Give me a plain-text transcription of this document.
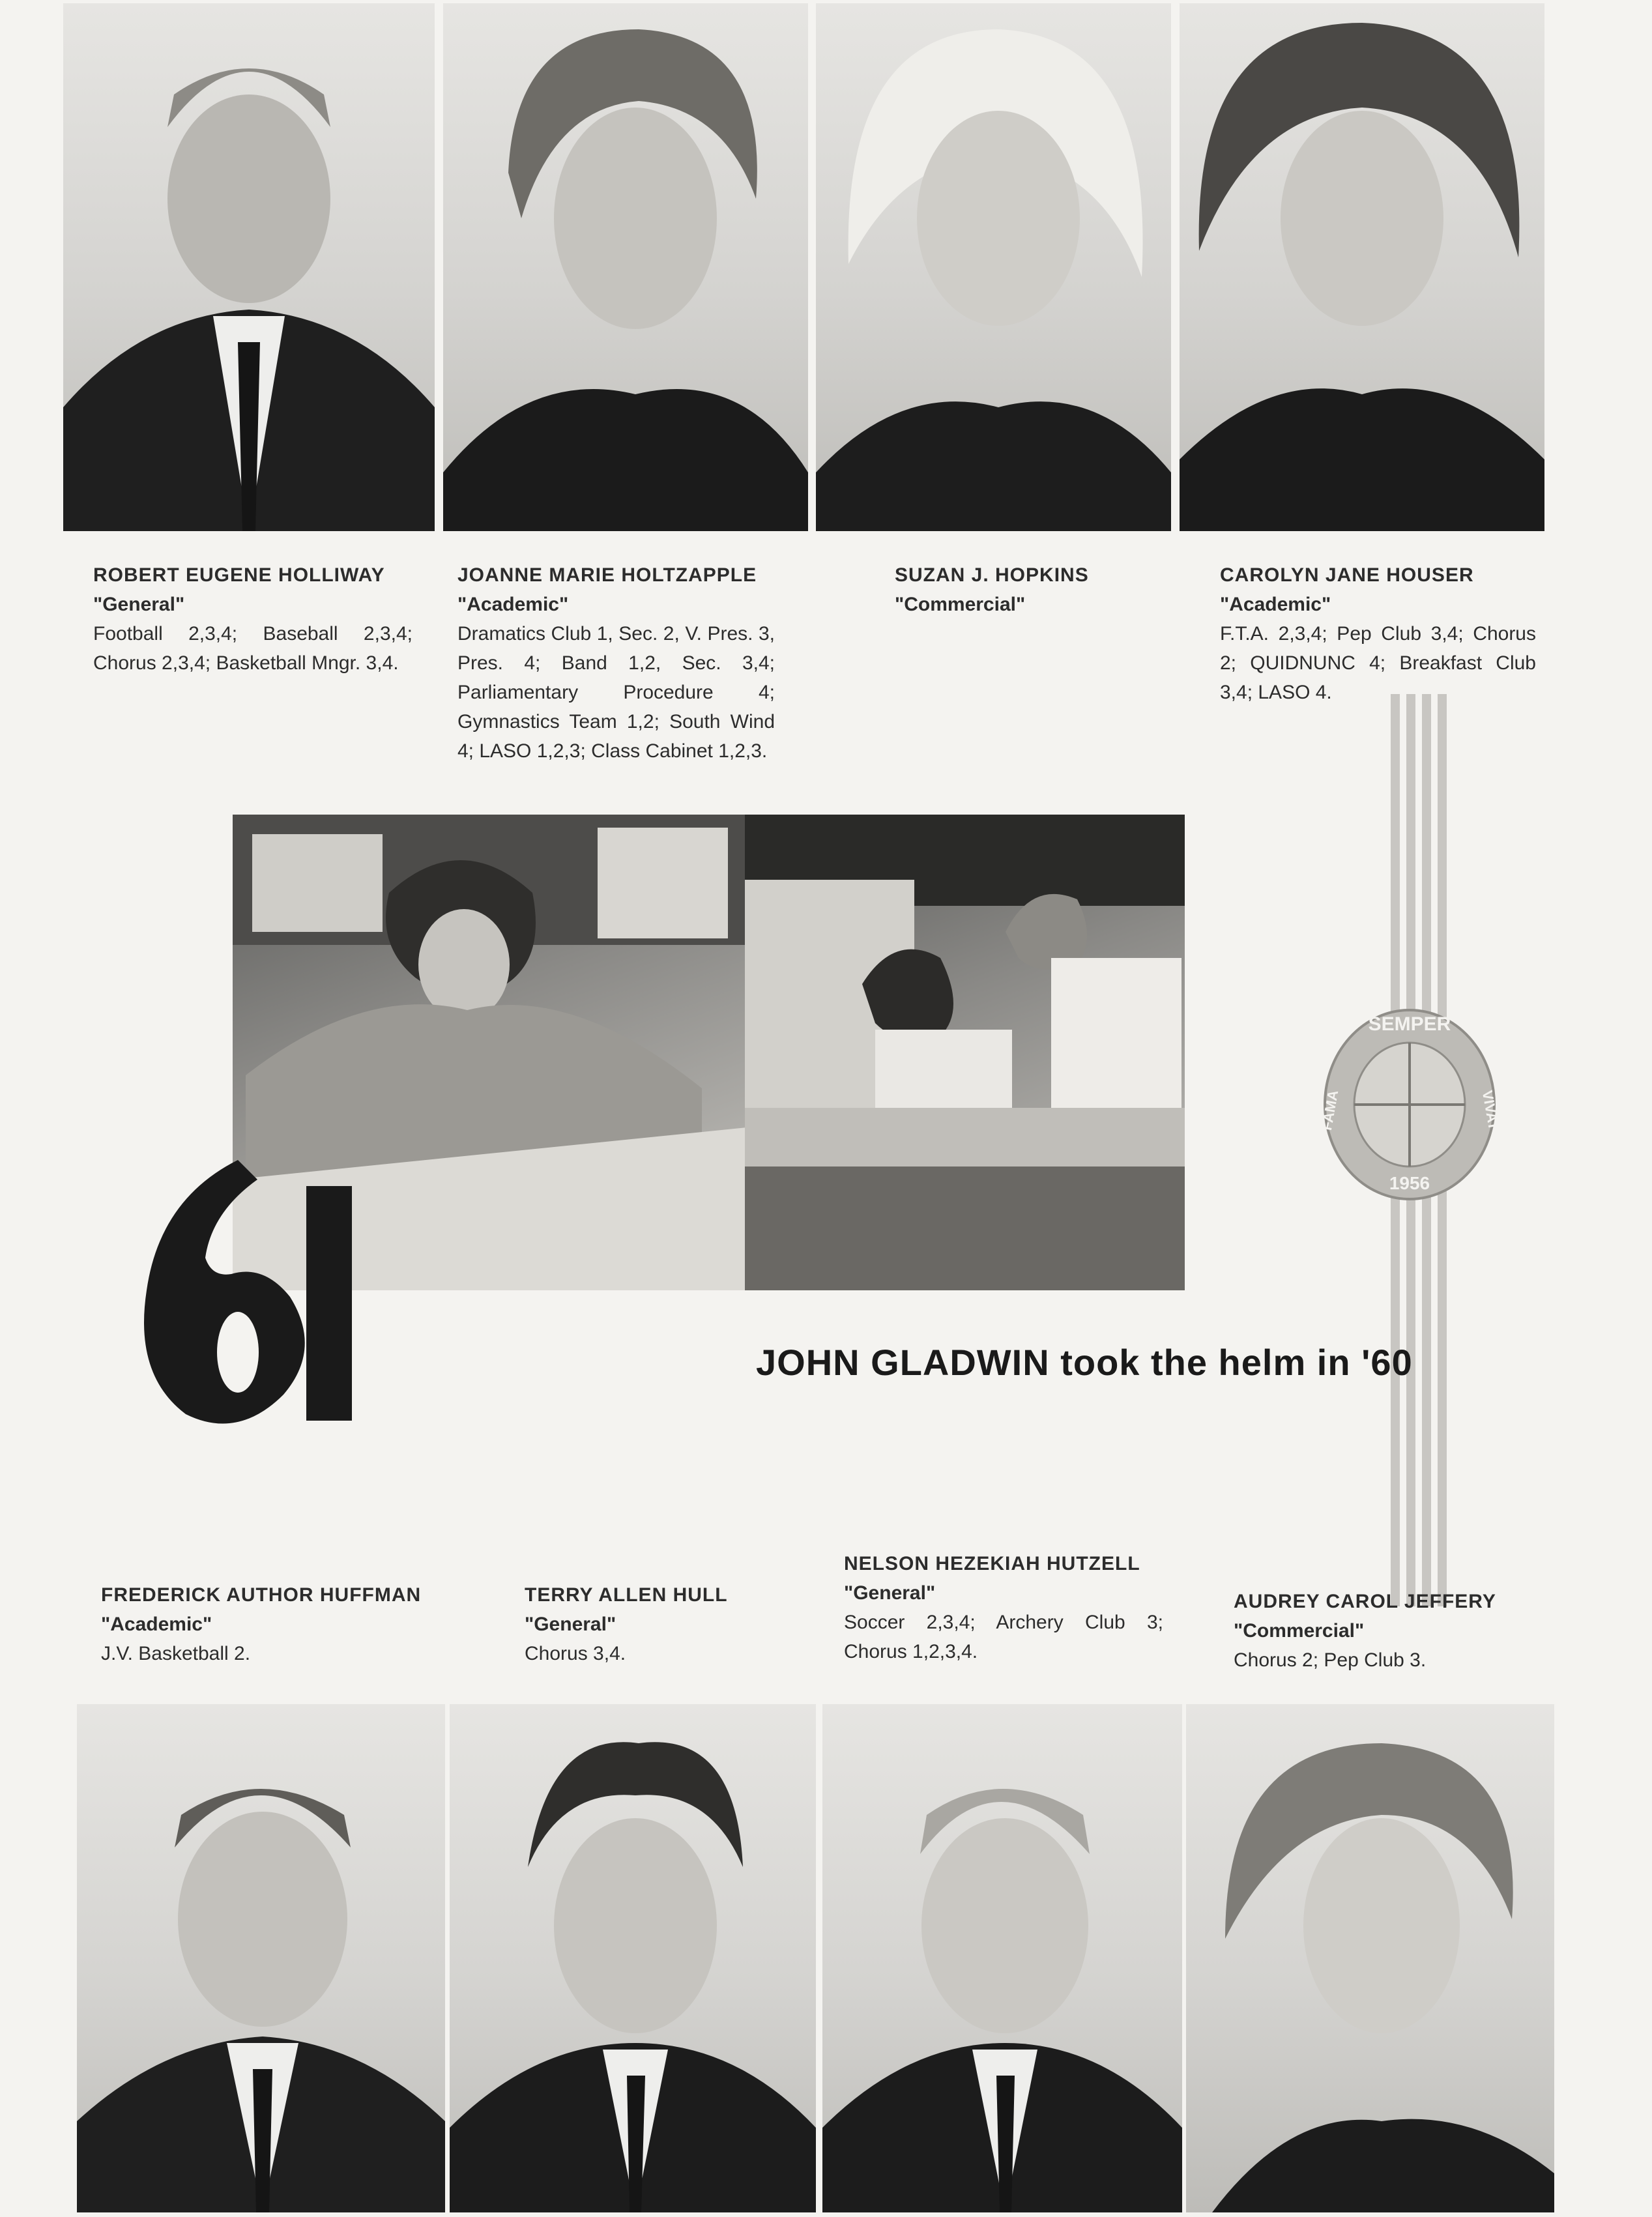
ROBERT EUGENE HOLLIWAY
"General"
Football 2,3,4; Baseball 2,3,4; Chorus 2,3,4; Basketball Mngr. 3,4.
JOANNE MARIE HOLTZAPPLE
"Academic"
Dramatics Club 1, Sec. 2, V. Pres. 3, Pres. 4; Band 1,2, Sec. 3,4; Parliamentary Procedure 4; Gymnastics Team 1,2; South Wind 4; LASO 1,2,3; Class Cabinet 1,2,3.
SUZAN J. HOPKINS
"Commercial"
CAROLYN JANE HOUSER
"Academic"
F.T.A. 2,3,4; Pep Club 3,4; Chorus 2; QUIDNUNC 4; Breakfast Club 3,4; LASO 4.
61
SEMPER
VIVAT
FAMA
1956
JOHN GLADWIN took the helm in '60
FREDERICK AUTHOR HUFFMAN
"Academic"
J.V. Basketball 2.
TERRY ALLEN HULL
"General"
Chorus 3,4.
NELSON HEZEKIAH HUTZELL
"General"
Soccer 2,3,4; Archery Club 3; Chorus 1,2,3,4.
AUDREY CAROL JEFFERY
"Commercial"
Chorus 2; Pep Club 3.
